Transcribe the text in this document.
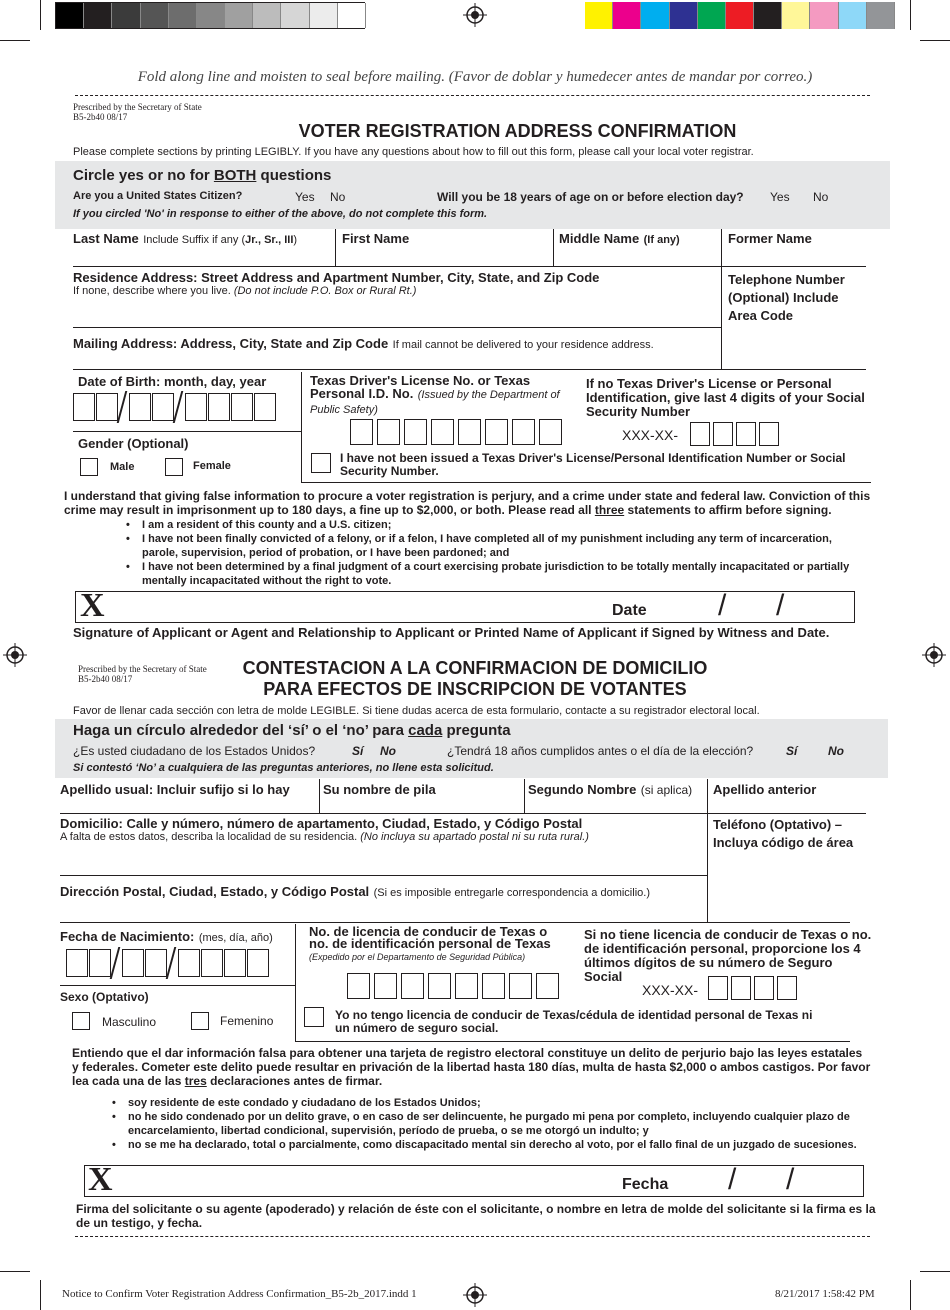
Fold along line and moisten to seal before mailing. (Favor de doblar y humedecer antes de mandar por correo.)
Prescribed by the Secretary of State B5-2b40 08/17
VOTER REGISTRATION ADDRESS CONFIRMATION
Please complete sections by printing LEGIBLY. If you have any questions about how to fill out this form, please call your local voter registrar.
Circle yes or no for BOTH questions
Are you a United States Citizen?	Yes No	Will you be 18 years of age on or before election day? Yes No
If you circled 'No' in response to either of the above, do not complete this form.
Last Name Include Suffix if any (Jr., Sr., III)	First Name	Middle Name (If any)	Former Name
Residence Address: Street Address and Apartment Number, City, State, and Zip Code
If none, describe where you live. (Do not include P.O. Box or Rural Rt.)
Telephone Number (Optional) Include Area Code
Mailing Address: Address, City, State and Zip Code If mail cannot be delivered to your residence address.
Date of Birth: month, day, year	Texas Driver's License No. or Texas Personal I.D. No. (Issued by the Department of Public Safety)
If no Texas Driver's License or Personal Identification, give last 4 digits of your Social Security Number
XXX-XX-
Gender (Optional)
Male	Female
I have not been issued a Texas Driver's License/Personal Identification Number or Social Security Number.
I understand that giving false information to procure a voter registration is perjury, and a crime under state and federal law. Conviction of this crime may result in imprisonment up to 180 days, a fine up to $2,000, or both. Please read all three statements to affirm before signing.
• I am a resident of this county and a U.S. citizen;
• I have not been finally convicted of a felony, or if a felon, I have completed all of my punishment including any term of incarceration, parole, supervision, period of probation, or I have been pardoned; and
• I have not been determined by a final judgment of a court exercising probate jurisdiction to be totally mentally incapacitated or partially mentally incapacitated without the right to vote.
X	Date / /
Signature of Applicant or Agent and Relationship to Applicant or Printed Name of Applicant if Signed by Witness and Date.
Prescribed by the Secretary of State B5-2b40 08/17
CONTESTACION A LA CONFIRMACION DE DOMICILIO
PARA EFECTOS DE INSCRIPCION DE VOTANTES
Favor de llenar cada sección con letra de molde LEGIBLE. Si tiene dudas acerca de esta formulario, contacte a su registrador electoral local.
Haga un círculo alrededor del ‘sí’ o el ‘no’ para cada pregunta
¿Es usted ciudadano de los Estados Unidos?	Sí No	¿Tendrá 18 años cumplidos antes o el día de la elección?	Sí	No
Si contestó ‘No’ a cualquiera de las preguntas anteriores, no llene esta solicitud.
Apellido usual: Incluir sufijo si lo hay	Su nombre de pila	Segundo Nombre (si aplica)	Apellido anterior
Domicilio: Calle y número, número de apartamento, Ciudad, Estado, y Código Postal
A falta de estos datos, describa la localidad de su residencia. (No incluya su apartado postal ni su ruta rural.)
Teléfono (Optativo) – Incluya código de área
Dirección Postal, Ciudad, Estado, y Código Postal (Si es imposible entregarle correspondencia a domicilio.)
Fecha de Nacimiento: (mes, día, año)	No. de licencia de conducir de Texas o no. de identificación personal de Texas (Expedido por el Departamento de Seguridad Pública)
Si no tiene licencia de conducir de Texas o no. de identificación personal, proporcione los 4 últimos dígitos de su número de Seguro Social
XXX-XX-
Sexo (Optativo)
Masculino	Femenino	Yo no tengo licencia de conducir de Texas/cédula de identidad personal de Texas ni un número de seguro social.
Entiendo que el dar información falsa para obtener una tarjeta de registro electoral constituye un delito de perjurio bajo las leyes estatales y federales. Cometer este delito puede resultar en privación de la libertad hasta 180 días, multa de hasta $2,000 o ambos castigos. Por favor lea cada una de las tres declaraciones antes de firmar.
• soy residente de este condado y ciudadano de los Estados Unidos;
• no he sido condenado por un delito grave, o en caso de ser delincuente, he purgado mi pena por completo, incluyendo cualquier plazo de encarcelamiento, libertad condicional, supervisión, período de prueba, o se me otorgó un indulto; y
• no se me ha declarado, total o parcialmente, como discapacitado mental sin derecho al voto, por el fallo final de un juzgado de sucesiones.
X	Fecha / /
Firma del solicitante o su agente (apoderado) y relación de éste con el solicitante, o nombre en letra de molde del solicitante si la firma es la de un testigo, y fecha.
Notice to Confirm Voter Registration Address Confirmation_B5-2b_2017.indd 1	8/21/2017 1:58:42 PM
